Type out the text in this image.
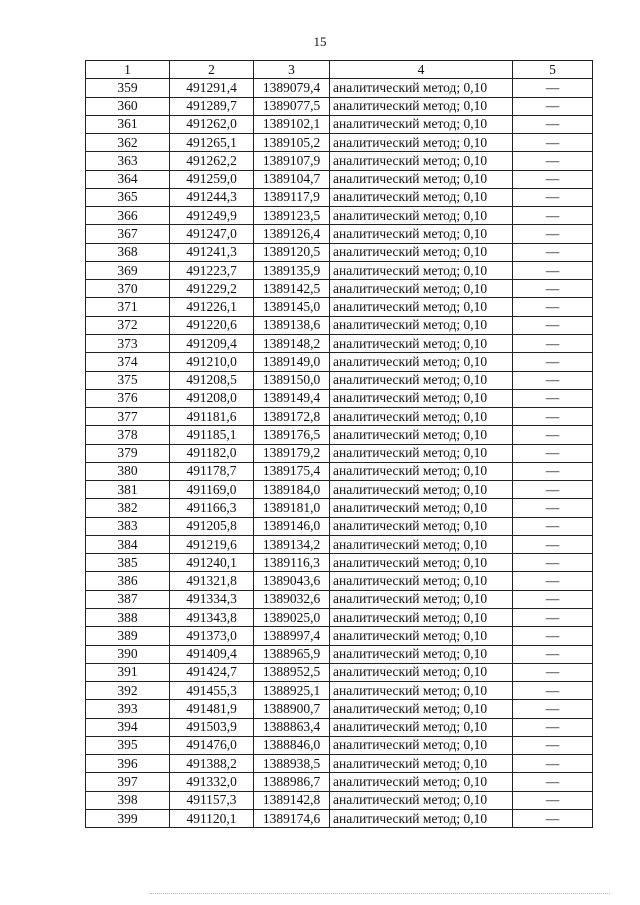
15
1	2	3	4	5
359	491291,4	1389079,4	аналитический метод; 0,10	—
360	491289,7	1389077,5	аналитический метод; 0,10	—
361	491262,0	1389102,1	аналитический метод; 0,10	—
362	491265,1	1389105,2	аналитический метод; 0,10	—
363	491262,2	1389107,9	аналитический метод; 0,10	—
364	491259,0	1389104,7	аналитический метод; 0,10	—
365	491244,3	1389117,9	аналитический метод; 0,10	—
366	491249,9	1389123,5	аналитический метод; 0,10	—
367	491247,0	1389126,4	аналитический метод; 0,10	—
368	491241,3	1389120,5	аналитический метод; 0,10	—
369	491223,7	1389135,9	аналитический метод; 0,10	—
370	491229,2	1389142,5	аналитический метод; 0,10	—
371	491226,1	1389145,0	аналитический метод; 0,10	—
372	491220,6	1389138,6	аналитический метод; 0,10	—
373	491209,4	1389148,2	аналитический метод; 0,10	—
374	491210,0	1389149,0	аналитический метод; 0,10	—
375	491208,5	1389150,0	аналитический метод; 0,10	—
376	491208,0	1389149,4	аналитический метод; 0,10	—
377	491181,6	1389172,8	аналитический метод; 0,10	—
378	491185,1	1389176,5	аналитический метод; 0,10	—
379	491182,0	1389179,2	аналитический метод; 0,10	—
380	491178,7	1389175,4	аналитический метод; 0,10	—
381	491169,0	1389184,0	аналитический метод; 0,10	—
382	491166,3	1389181,0	аналитический метод; 0,10	—
383	491205,8	1389146,0	аналитический метод; 0,10	—
384	491219,6	1389134,2	аналитический метод; 0,10	—
385	491240,1	1389116,3	аналитический метод; 0,10	—
386	491321,8	1389043,6	аналитический метод; 0,10	—
387	491334,3	1389032,6	аналитический метод; 0,10	—
388	491343,8	1389025,0	аналитический метод; 0,10	—
389	491373,0	1388997,4	аналитический метод; 0,10	—
390	491409,4	1388965,9	аналитический метод; 0,10	—
391	491424,7	1388952,5	аналитический метод; 0,10	—
392	491455,3	1388925,1	аналитический метод; 0,10	—
393	491481,9	1388900,7	аналитический метод; 0,10	—
394	491503,9	1388863,4	аналитический метод; 0,10	—
395	491476,0	1388846,0	аналитический метод; 0,10	—
396	491388,2	1388938,5	аналитический метод; 0,10	—
397	491332,0	1388986,7	аналитический метод; 0,10	—
398	491157,3	1389142,8	аналитический метод; 0,10	—
399	491120,1	1389174,6	аналитический метод; 0,10	—
